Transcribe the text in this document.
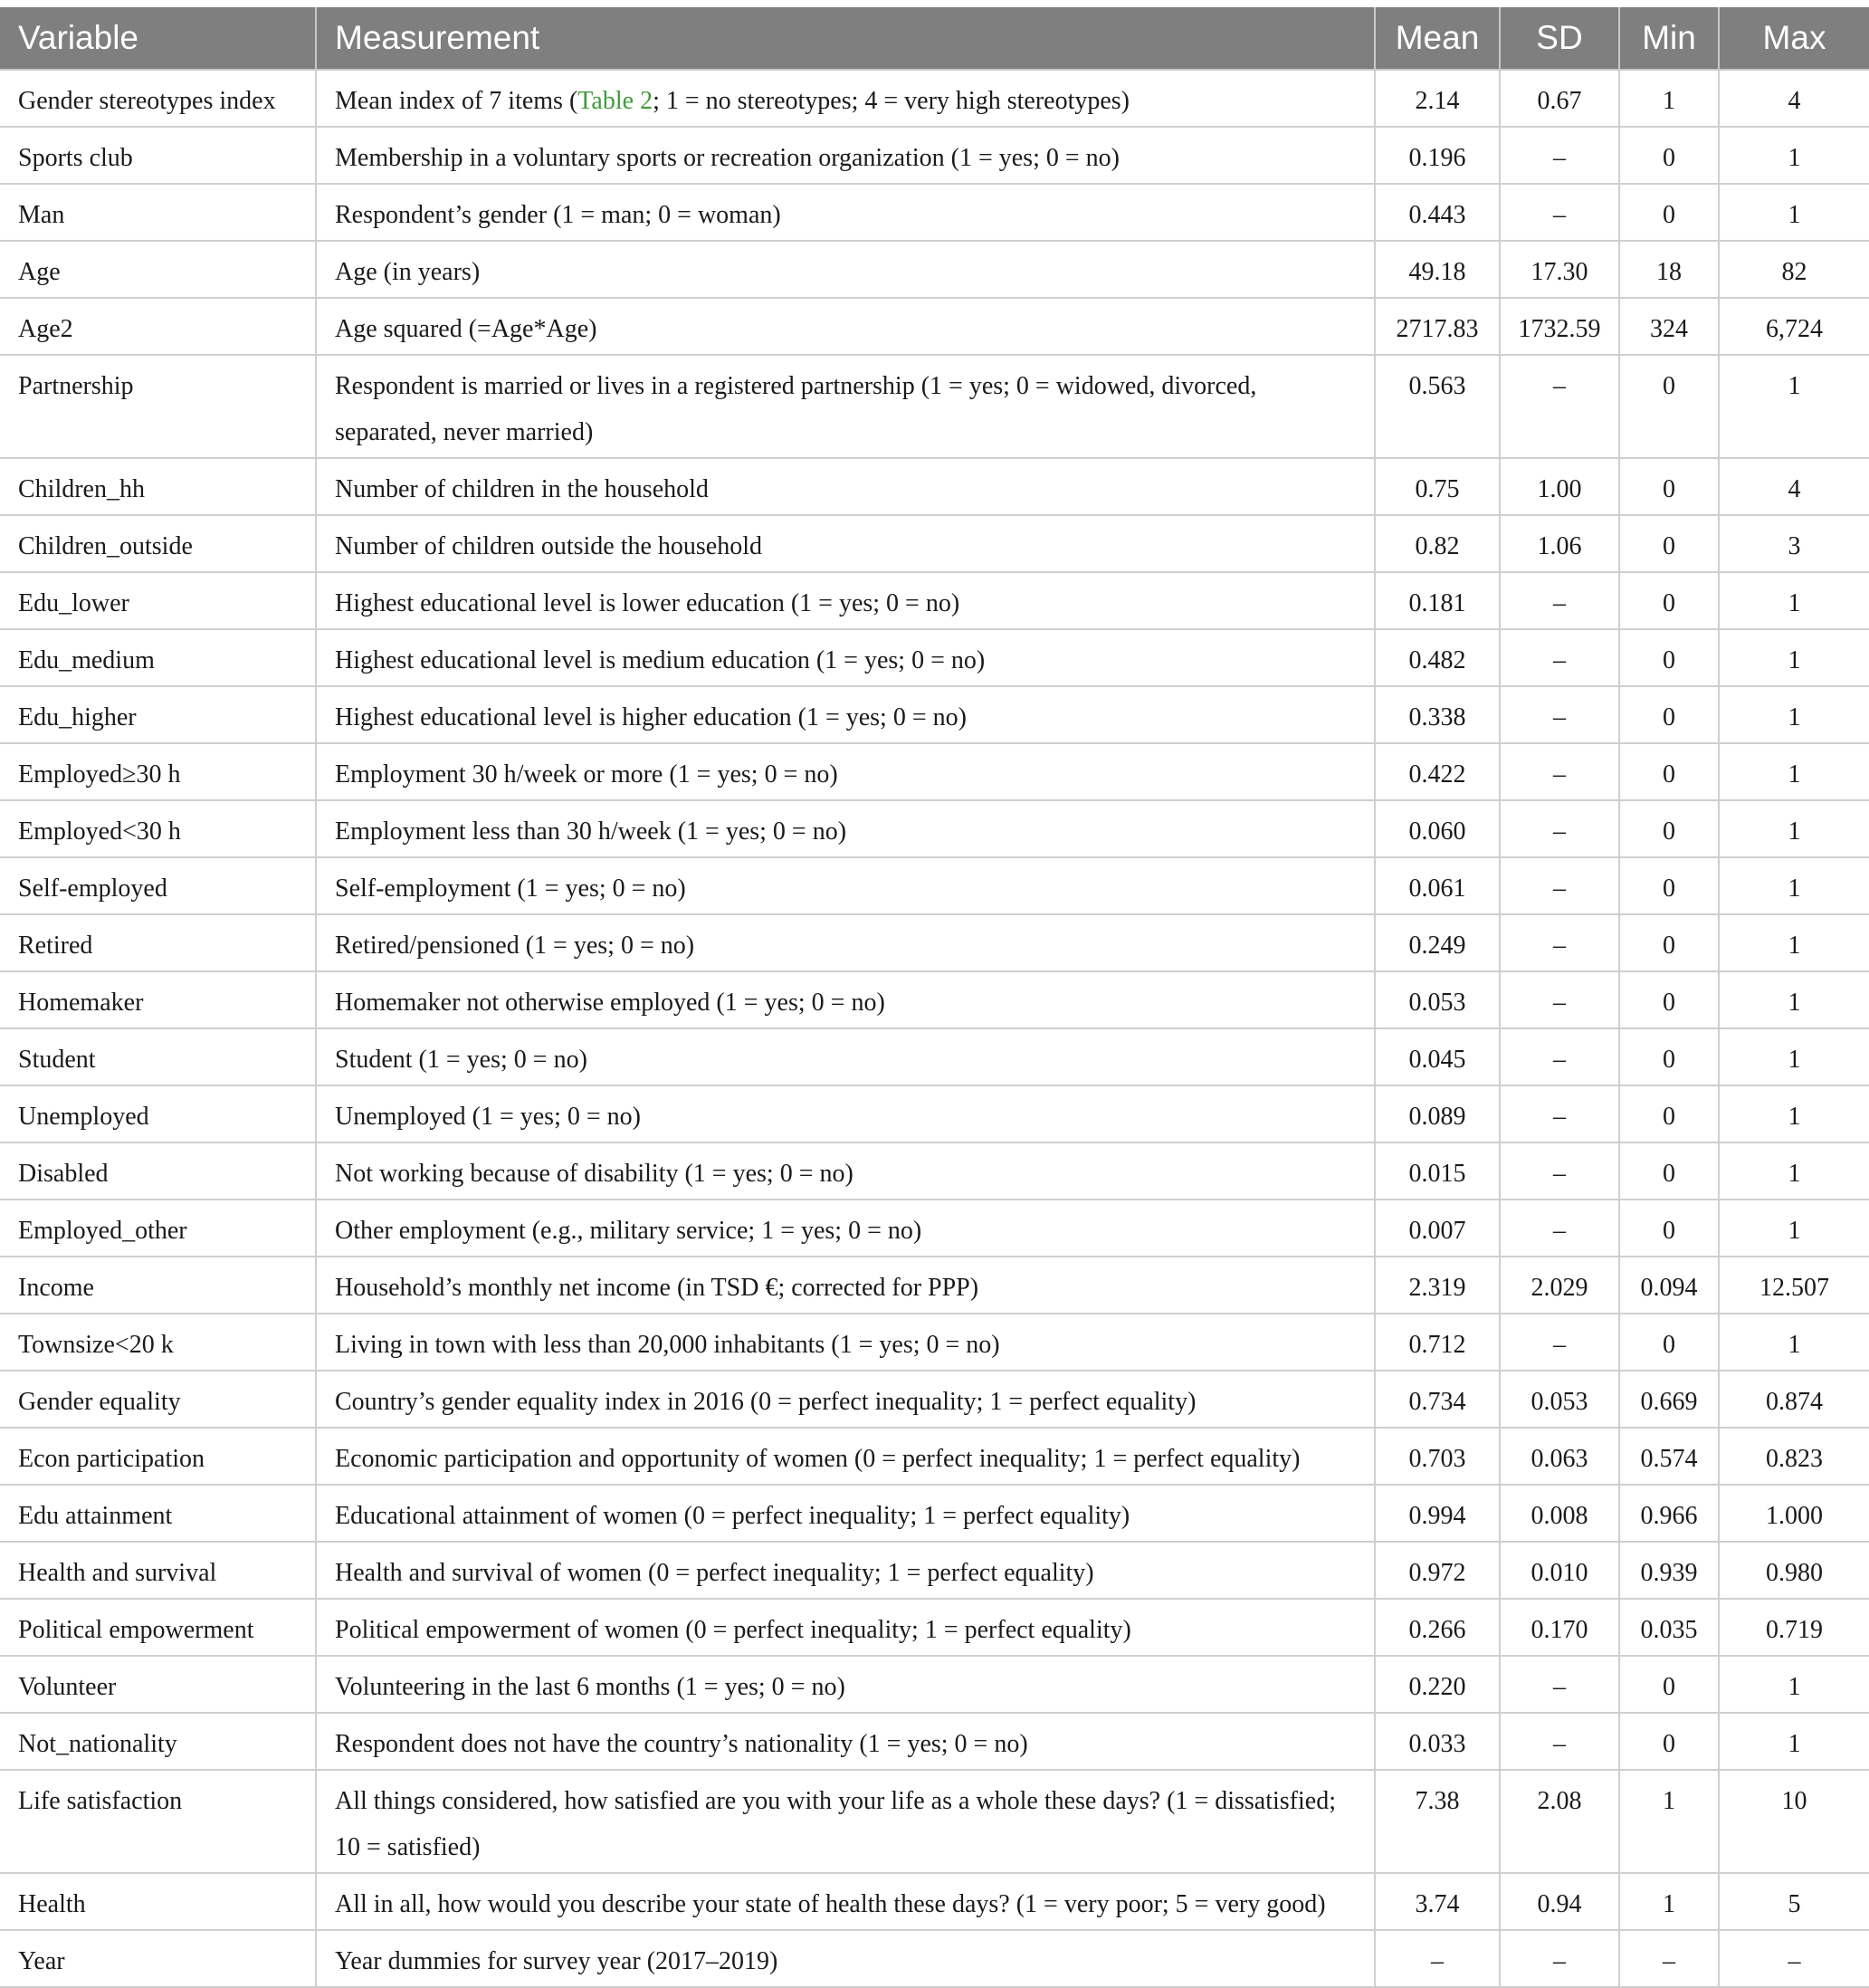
Variable	Measurement	Mean	SD	Min	Max
Gender stereotypes index	Mean index of 7 items (Table 2; 1 = no stereotypes; 4 = very high stereotypes)	2.14	0.67	1	4
Sports club	Membership in a voluntary sports or recreation organization (1 = yes; 0 = no)	0.196	–	0	1
Man	Respondent’s gender (1 = man; 0 = woman)	0.443	–	0	1
Age	Age (in years)	49.18	17.30	18	82
Age2	Age squared (=Age*Age)	2717.83	1732.59	324	6,724
Partnership	Respondent is married or lives in a registered partnership (1 = yes; 0 = widowed, divorced, separated, never married)	0.563	–	0	1
Children_hh	Number of children in the household	0.75	1.00	0	4
Children_outside	Number of children outside the household	0.82	1.06	0	3
Edu_lower	Highest educational level is lower education (1 = yes; 0 = no)	0.181	–	0	1
Edu_medium	Highest educational level is medium education (1 = yes; 0 = no)	0.482	–	0	1
Edu_higher	Highest educational level is higher education (1 = yes; 0 = no)	0.338	–	0	1
Employed≥30 h	Employment 30 h/week or more (1 = yes; 0 = no)	0.422	–	0	1
Employed<30 h	Employment less than 30 h/week (1 = yes; 0 = no)	0.060	–	0	1
Self-employed	Self-employment (1 = yes; 0 = no)	0.061	–	0	1
Retired	Retired/pensioned (1 = yes; 0 = no)	0.249	–	0	1
Homemaker	Homemaker not otherwise employed (1 = yes; 0 = no)	0.053	–	0	1
Student	Student (1 = yes; 0 = no)	0.045	–	0	1
Unemployed	Unemployed (1 = yes; 0 = no)	0.089	–	0	1
Disabled	Not working because of disability (1 = yes; 0 = no)	0.015	–	0	1
Employed_other	Other employment (e.g., military service; 1 = yes; 0 = no)	0.007	–	0	1
Income	Household’s monthly net income (in TSD €; corrected for PPP)	2.319	2.029	0.094	12.507
Townsize<20 k	Living in town with less than 20,000 inhabitants (1 = yes; 0 = no)	0.712	–	0	1
Gender equality	Country’s gender equality index in 2016 (0 = perfect inequality; 1 = perfect equality)	0.734	0.053	0.669	0.874
Econ participation	Economic participation and opportunity of women (0 = perfect inequality; 1 = perfect equality)	0.703	0.063	0.574	0.823
Edu attainment	Educational attainment of women (0 = perfect inequality; 1 = perfect equality)	0.994	0.008	0.966	1.000
Health and survival	Health and survival of women (0 = perfect inequality; 1 = perfect equality)	0.972	0.010	0.939	0.980
Political empowerment	Political empowerment of women (0 = perfect inequality; 1 = perfect equality)	0.266	0.170	0.035	0.719
Volunteer	Volunteering in the last 6 months (1 = yes; 0 = no)	0.220	–	0	1
Not_nationality	Respondent does not have the country’s nationality (1 = yes; 0 = no)	0.033	–	0	1
Life satisfaction	All things considered, how satisfied are you with your life as a whole these days? (1 = dissatisfied; 10 = satisfied)	7.38	2.08	1	10
Health	All in all, how would you describe your state of health these days? (1 = very poor; 5 = very good)	3.74	0.94	1	5
Year	Year dummies for survey year (2017–2019)	–	–	–	–
